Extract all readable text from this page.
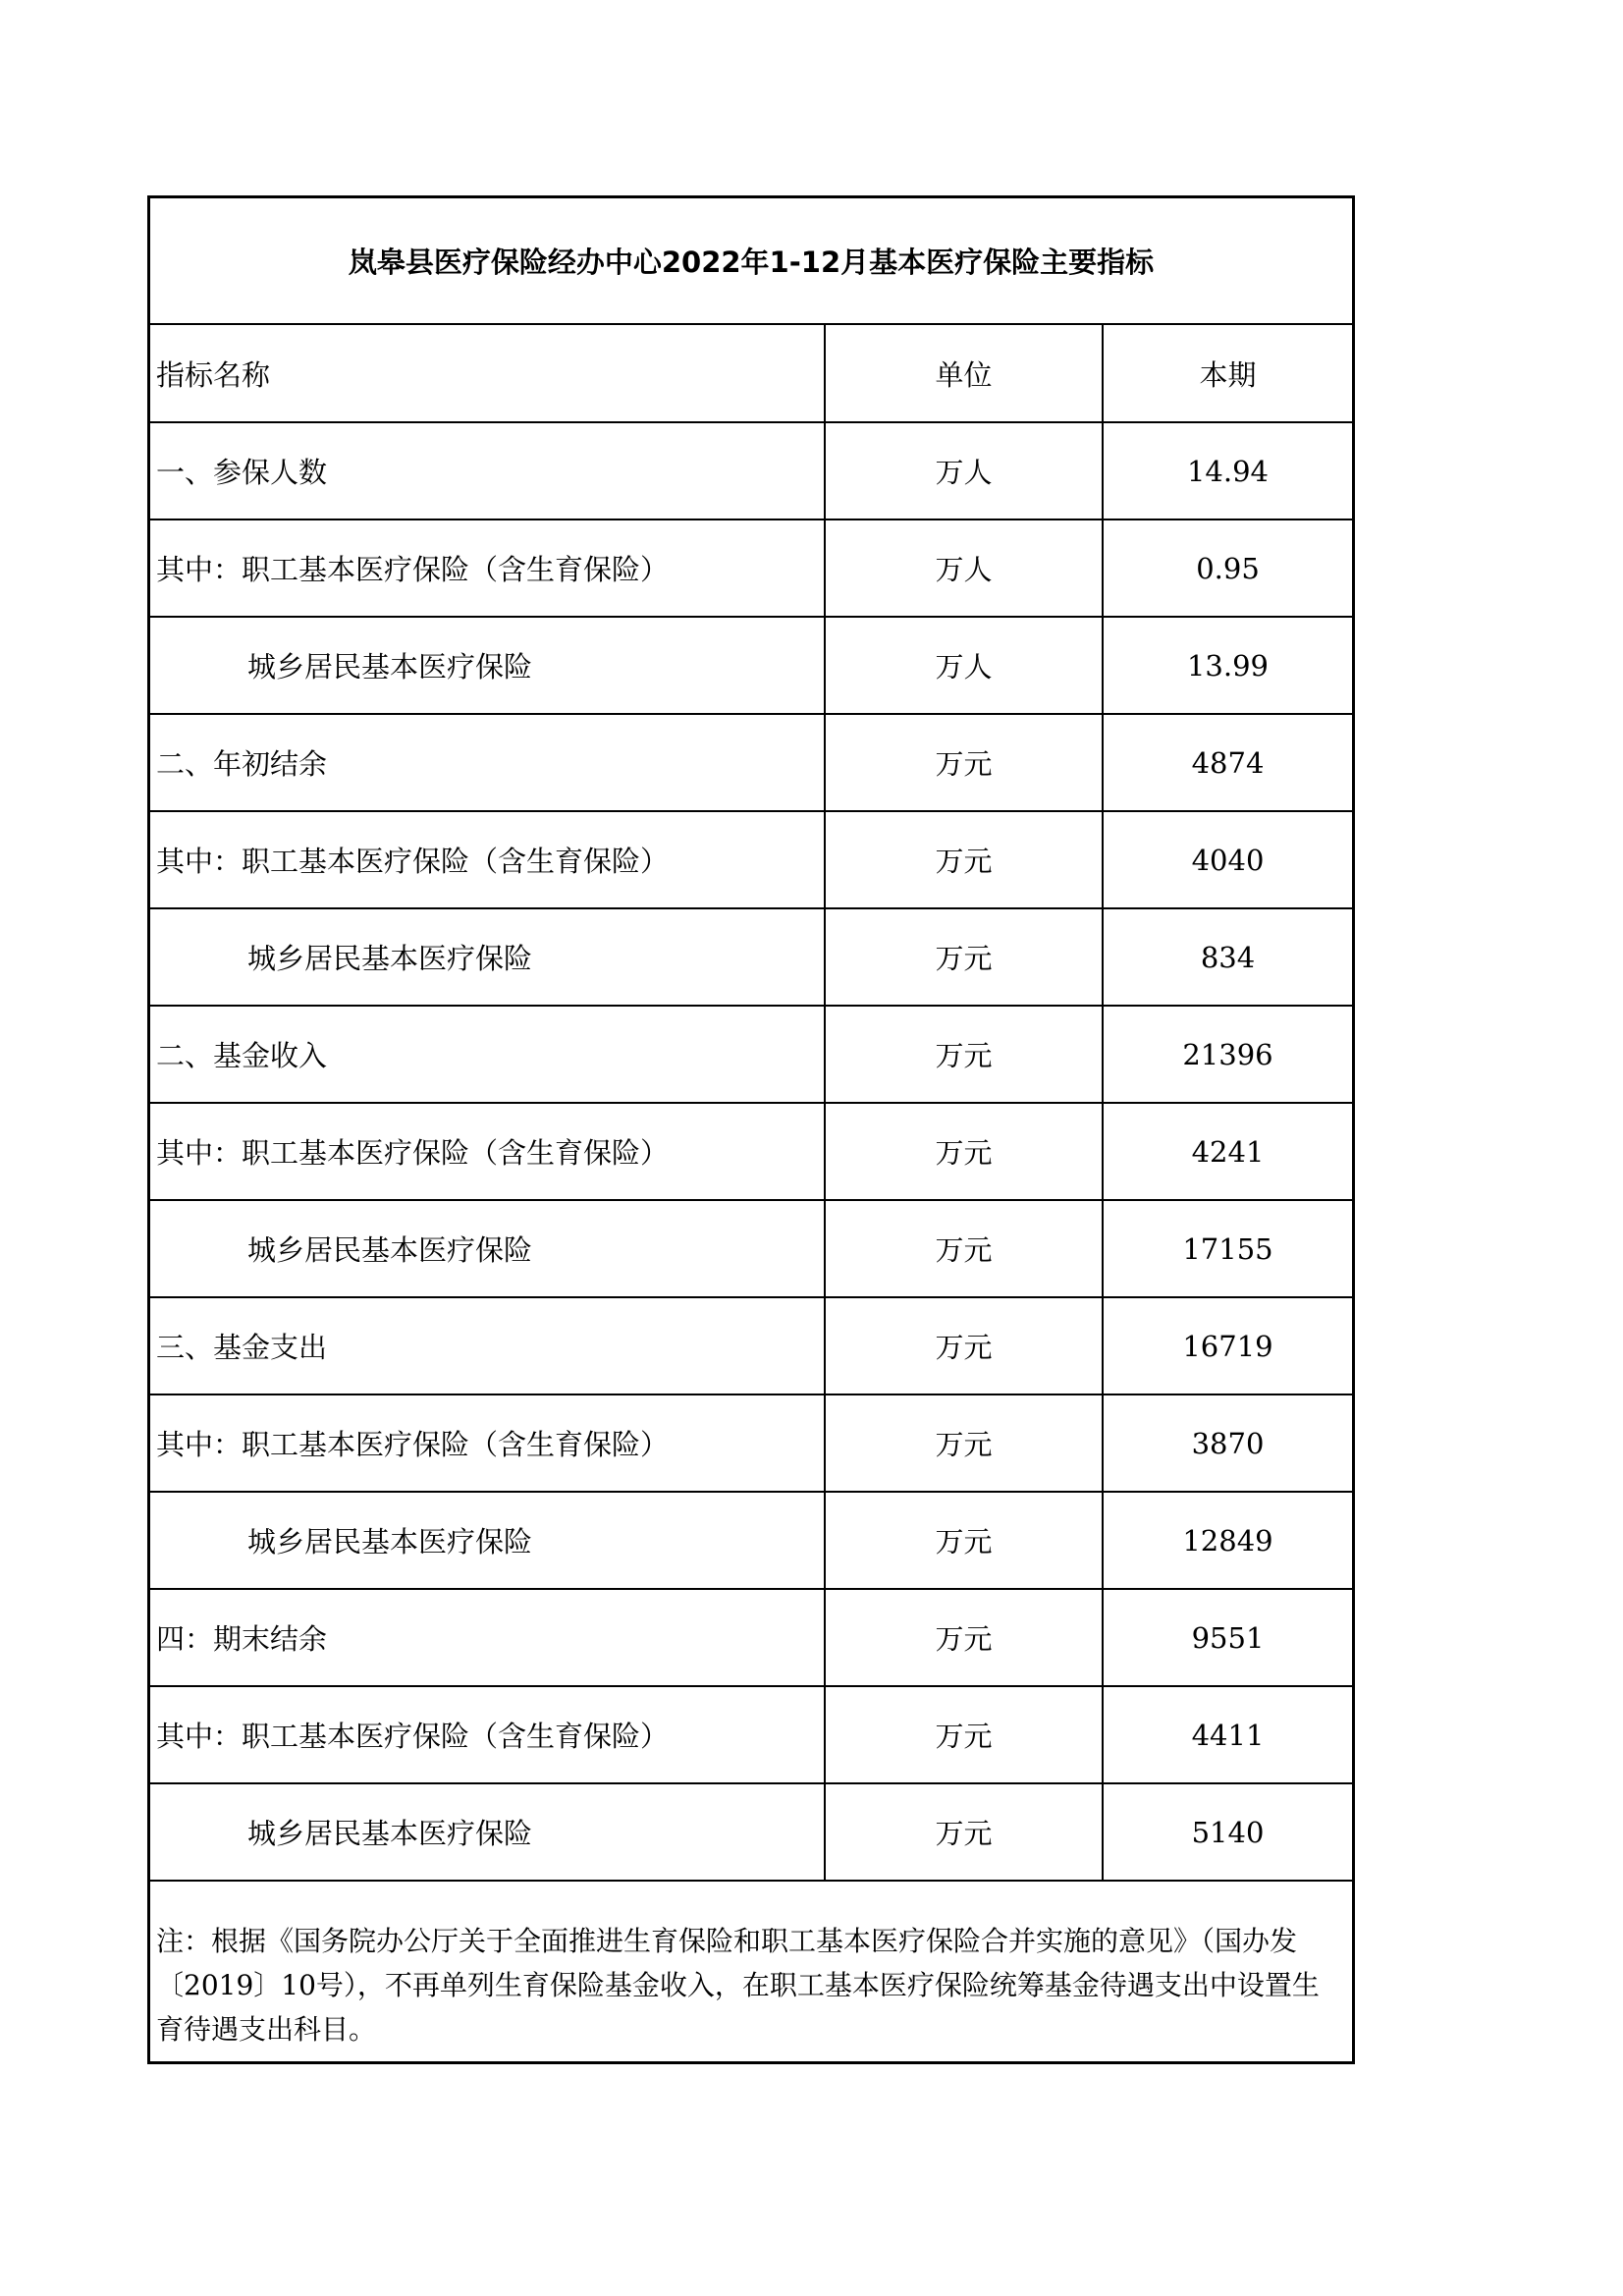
岚皋县医疗保险经办中心2022年1-12月基本医疗保险主要指标
指标名称	单位	本期
一、参保人数	万人	14.94
其中：职工基本医疗保险（含生育保险）	万人	0.95
城乡居民基本医疗保险	万人	13.99
二、年初结余	万元	4874
其中：职工基本医疗保险（含生育保险）	万元	4040
城乡居民基本医疗保险	万元	834
二、基金收入	万元	21396
其中：职工基本医疗保险（含生育保险）	万元	4241
城乡居民基本医疗保险	万元	17155
三、基金支出	万元	16719
其中：职工基本医疗保险（含生育保险）	万元	3870
城乡居民基本医疗保险	万元	12849
四：期末结余	万元	9551
其中：职工基本医疗保险（含生育保险）	万元	4411
城乡居民基本医疗保险	万元	5140
注：根据《国务院办公厅关于全面推进生育保险和职工基本医疗保险合并实施的意见》（国办发〔2019〕10号），不再单列生育保险基金收入，在职工基本医疗保险统筹基金待遇支出中设置生育待遇支出科目。
